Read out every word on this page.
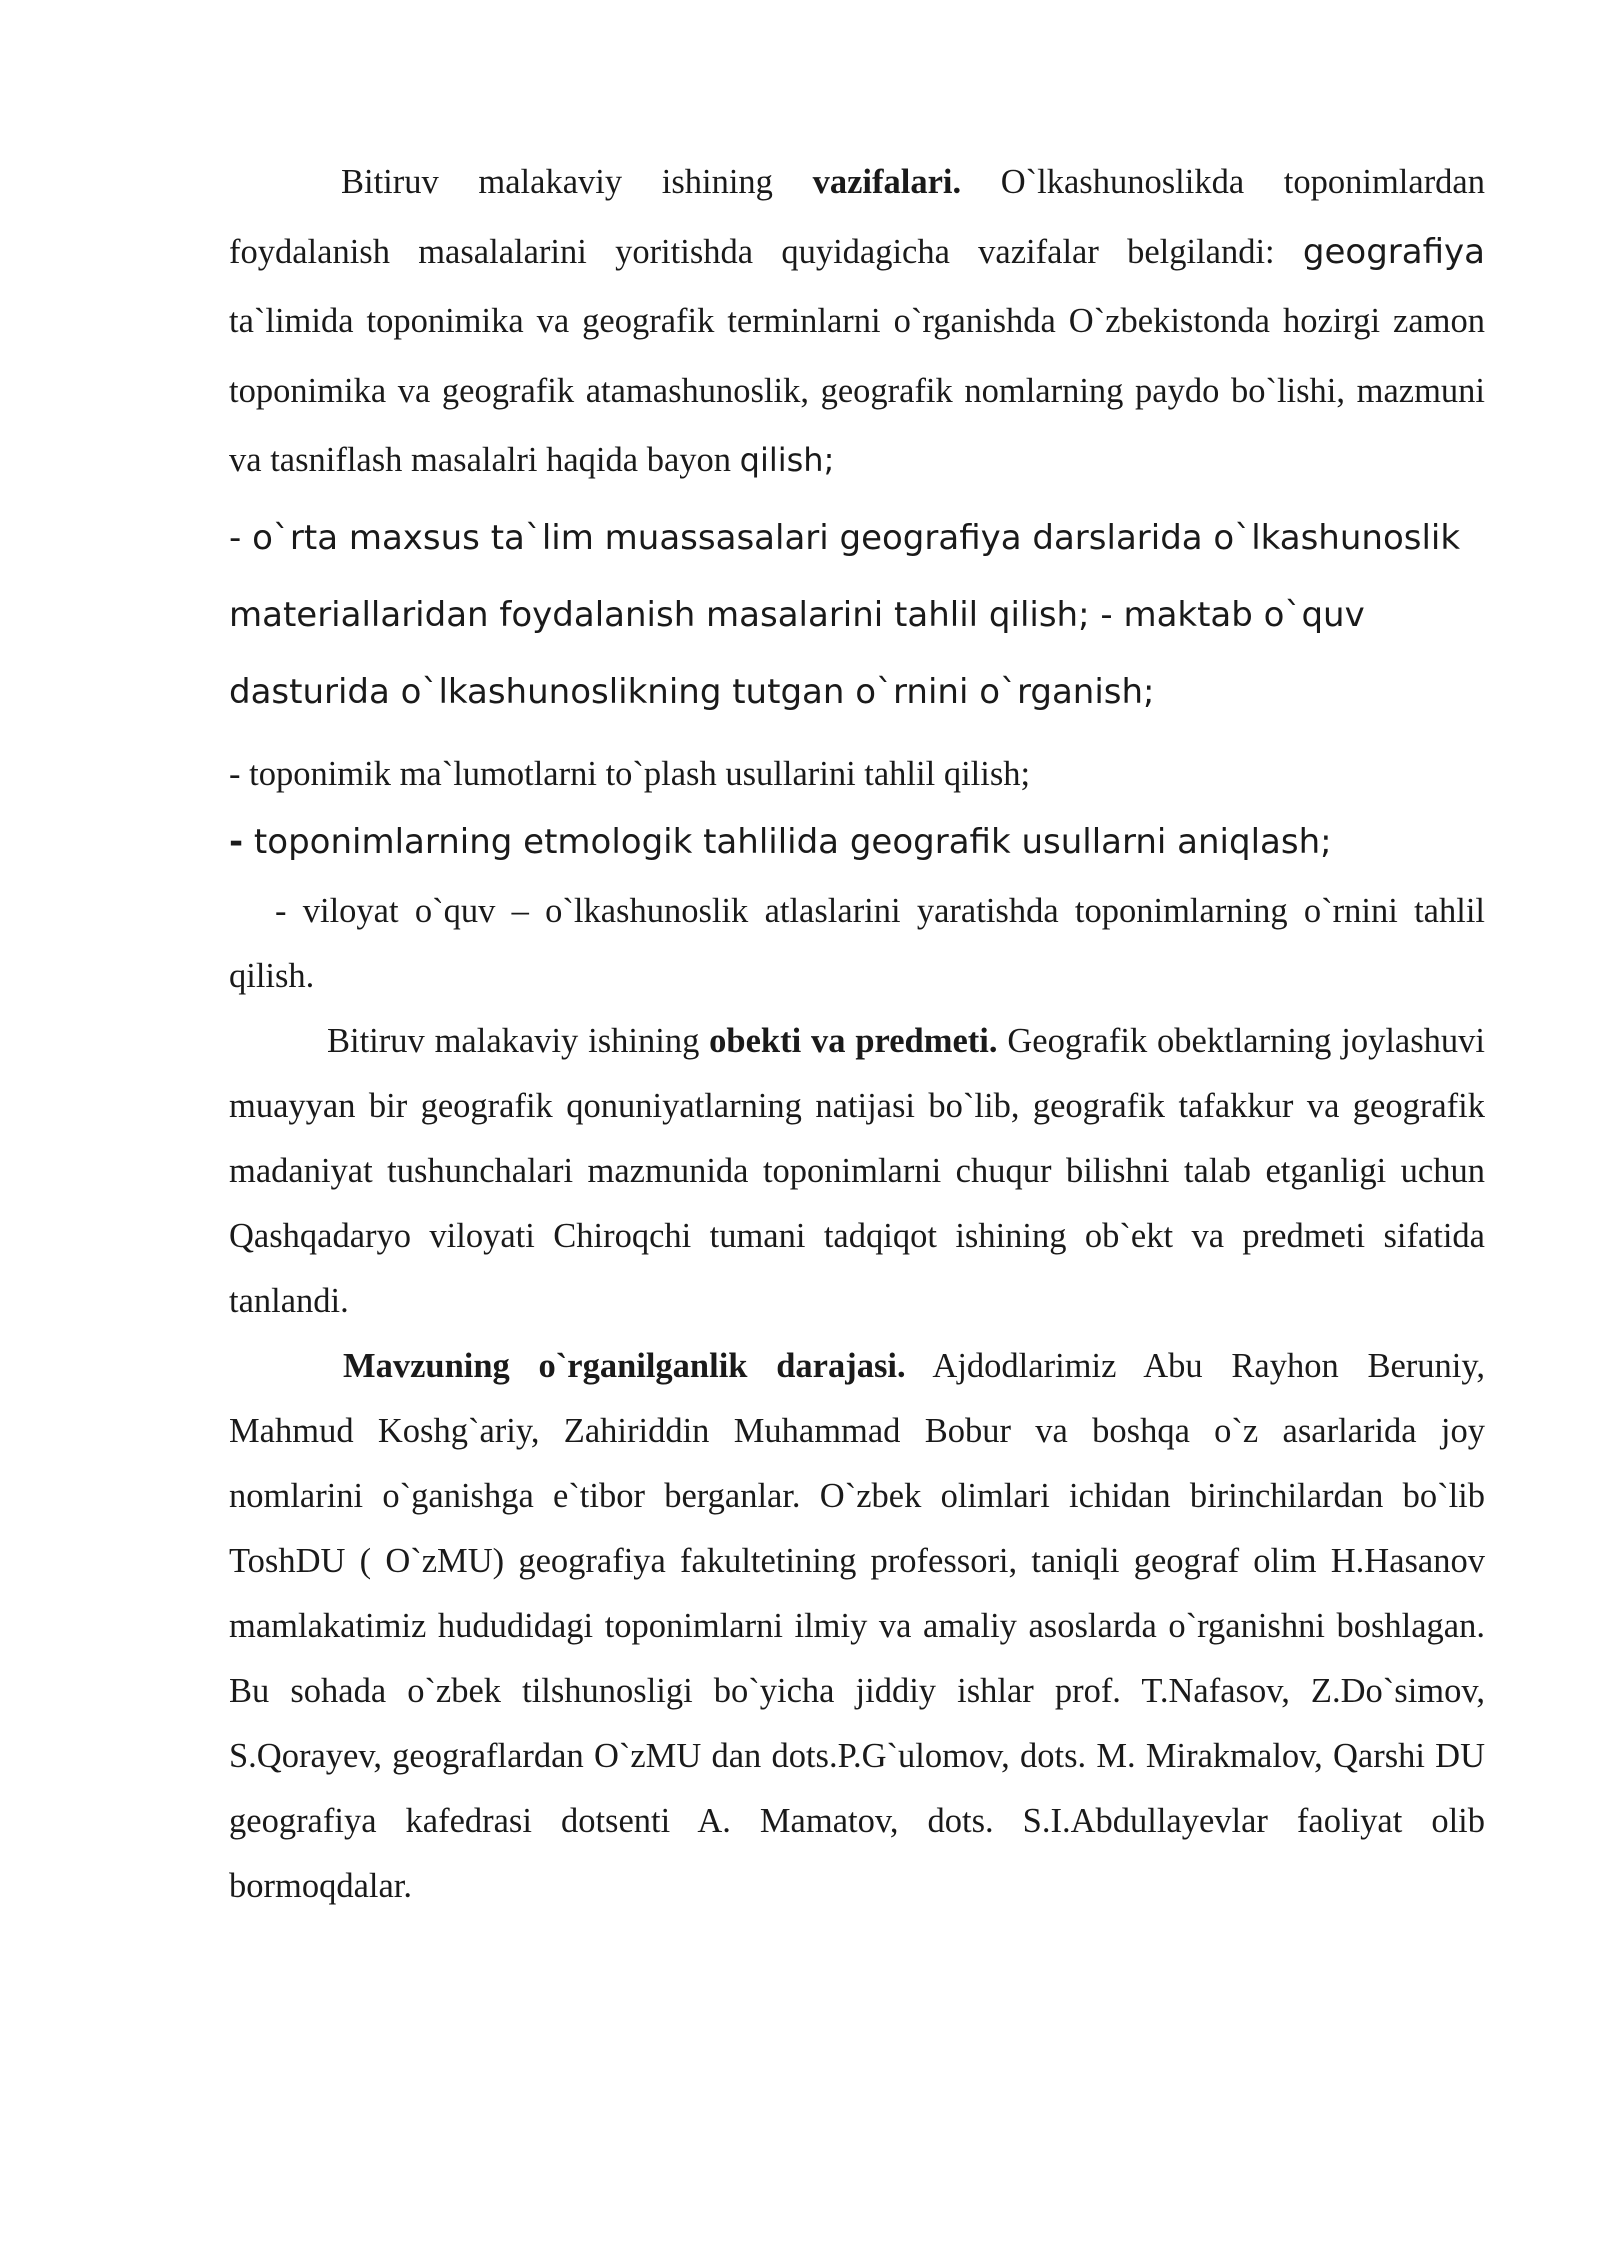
Bitiruv malakaviy ishining vazifalari. O`lkashunoslikda toponimlardan foydalanish masalalarini yoritishda quyidagicha vazifalar belgilandi: geografiya ta`limida toponimika va geografik terminlarni o`rganishda O`zbekistonda hozirgi zamon toponimika va geografik atamashunoslik, geografik nomlarning paydo bo`lishi, mazmuni va tasniflash masalalri haqida bayon qilish;

- o`rta maxsus ta`lim muassasalari geografiya darslarida o`lkashunoslik materiallaridan foydalanish masalarini tahlil qilish; - maktab o`quv dasturida o`lkashunoslikning tutgan o`rnini o`rganish;

- toponimik ma`lumotlarni to`plash usullarini tahlil qilish;

- toponimlarning etmologik tahlilida geografik usullarni aniqlash;

- viloyat o`quv – o`lkashunoslik atlaslarini yaratishda toponimlarning o`rnini tahlil qilish.

Bitiruv malakaviy ishining obekti va predmeti. Geografik obektlarning joylashuvi muayyan bir geografik qonuniyatlarning natijasi bo`lib, geografik tafakkur va geografik madaniyat tushunchalari mazmunida toponimlarni chuqur bilishni talab etganligi uchun Qashqadaryo viloyati Chiroqchi tumani tadqiqot ishining ob`ekt va predmeti sifatida tanlandi.

Mavzuning o`rganilganlik darajasi. Ajdodlarimiz Abu Rayhon Beruniy, Mahmud Koshg`ariy, Zahiriddin Muhammad Bobur va boshqa o`z asarlarida joy nomlarini o`ganishga e`tibor berganlar. O`zbek olimlari ichidan birinchilardan bo`lib ToshDU ( O`zMU) geografiya fakultetining professori, taniqli geograf olim H.Hasanov mamlakatimiz hududidagi toponimlarni ilmiy va amaliy asoslarda o`rganishni boshlagan. Bu sohada o`zbek tilshunosligi bo`yicha jiddiy ishlar prof. T.Nafasov, Z.Do`simov, S.Qorayev, geograflardan O`zMU dan dots.P.G`ulomov, dots. M. Mirakmalov, Qarshi DU geografiya kafedrasi dotsenti A. Mamatov, dots. S.I.Abdullayevlar faoliyat olib bormoqdalar.
